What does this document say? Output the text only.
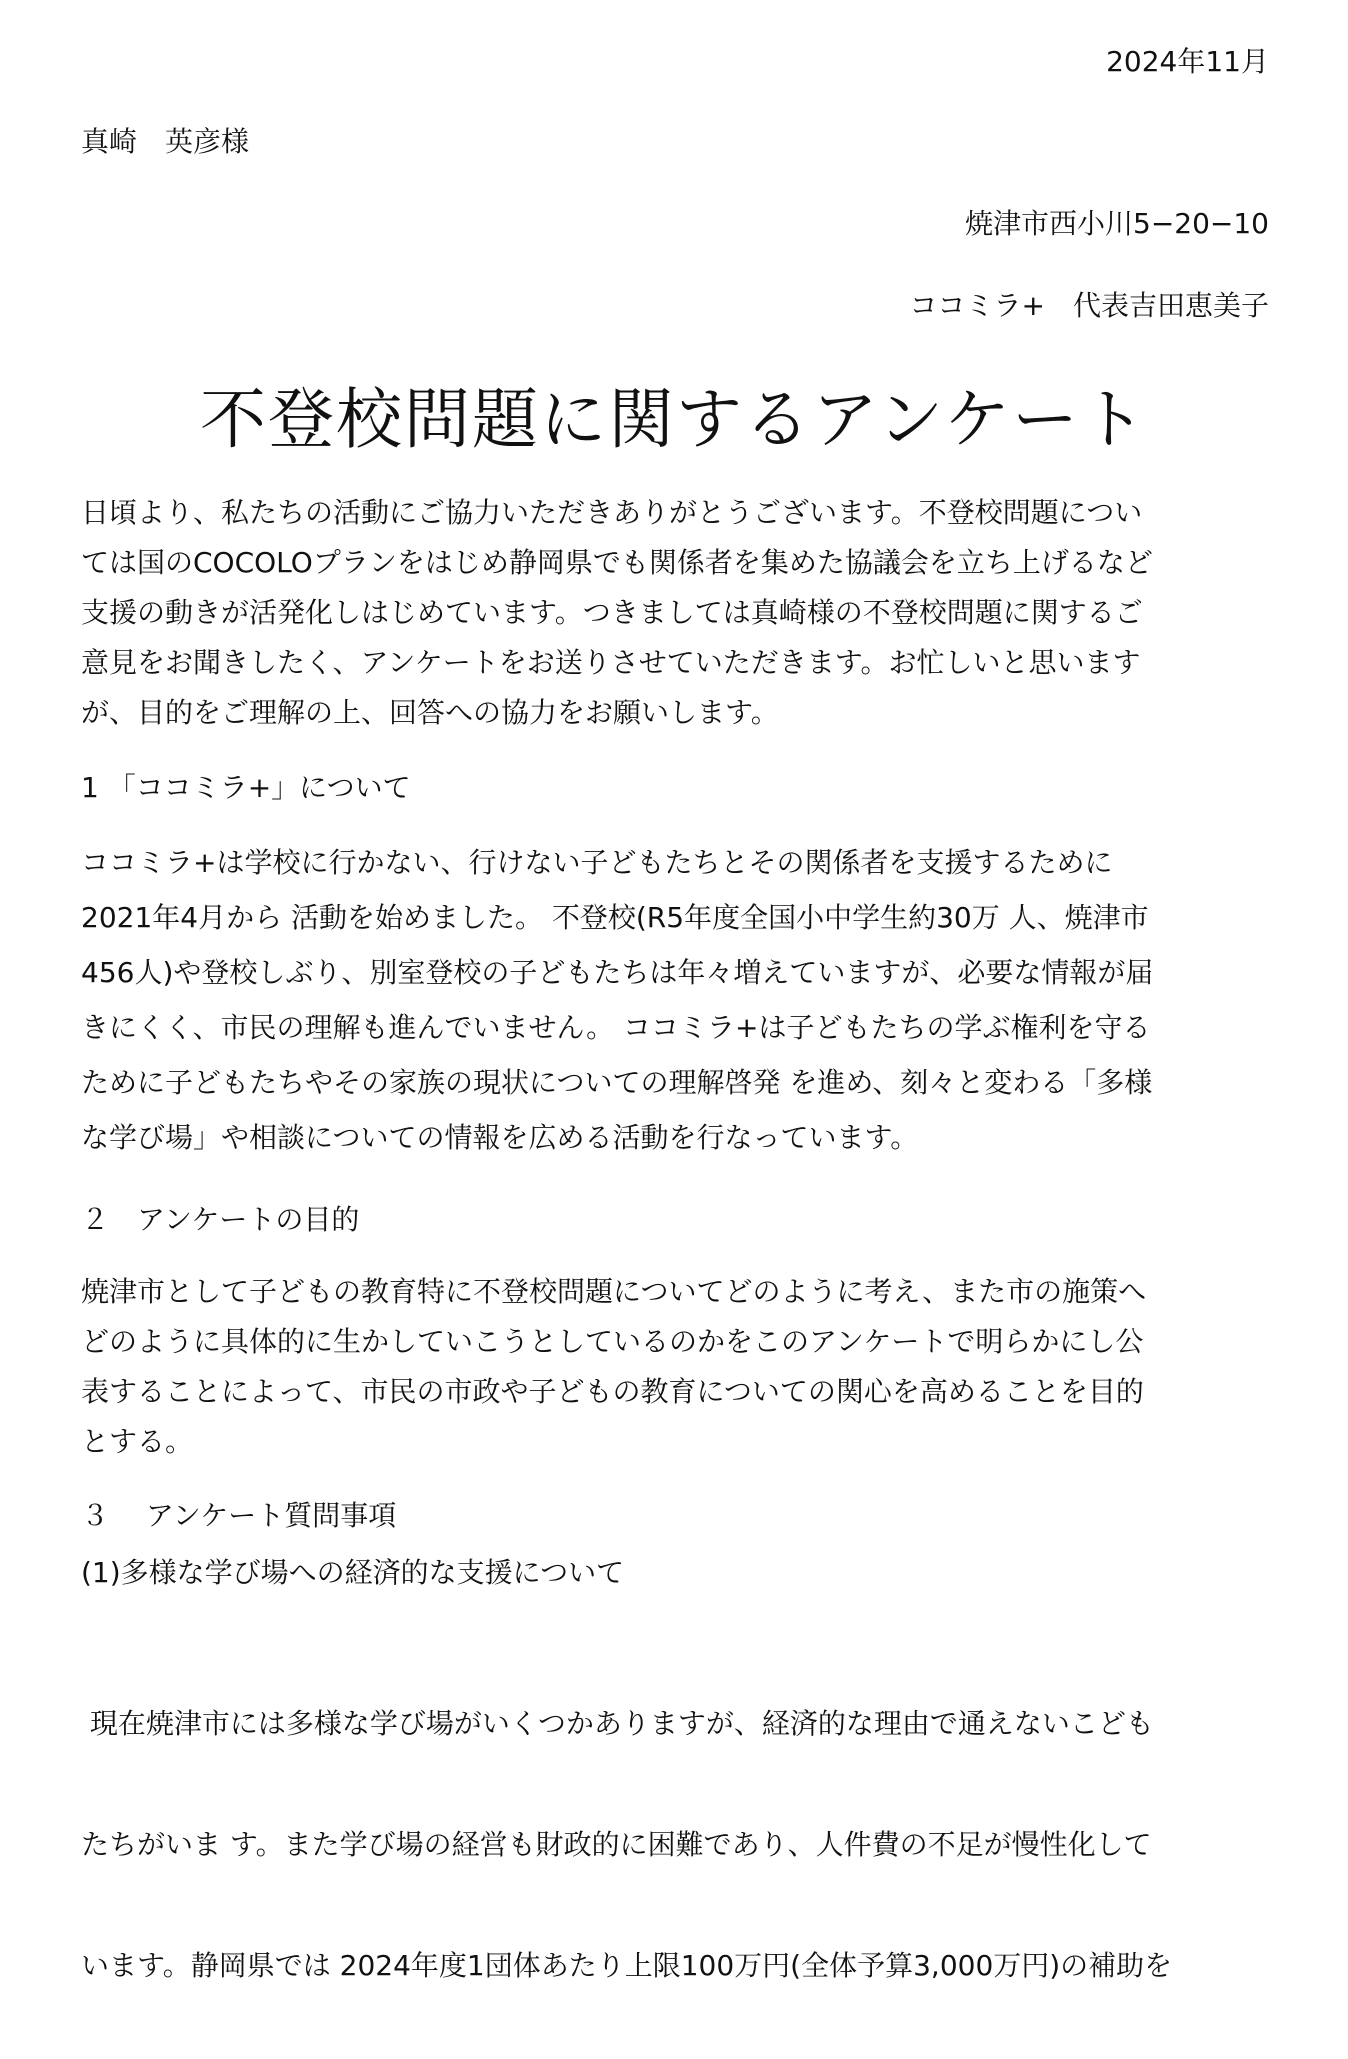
2024年11月

真崎　英彦様

焼津市西小川5−20−10

ココミラ+　代表吉田恵美子

不登校問題に関するアンケート
日頃より、私たちの活動にご協力いただきありがとうございます。不登校問題につい
ては国のCOCOLOプランをはじめ静岡県でも関係者を集めた協議会を立ち上げるなど
支援の動きが活発化しはじめています。つきましては真崎様の不登校問題に関するご
意見をお聞きしたく、アンケートをお送りさせていただきます。お忙しいと思います
が、目的をご理解の上、回答への協力をお願いします。

1 「ココミラ+」について

ココミラ+は学校に行かない、行けない子どもたちとその関係者を支援するために
2021年4月から 活動を始めました。 不登校(R5年度全国小中学生約30万 人、焼津市
456人)や登校しぶり、別室登校の子どもたちは年々増えていますが、必要な情報が届
きにくく、市民の理解も進んでいません。 ココミラ+は子どもたちの学ぶ権利を守る
ために子どもたちやその家族の現状についての理解啓発 を進め、刻々と変わる「多様
な学び場」や相談についての情報を広める活動を行なっています。

２　アンケートの目的

焼津市として子どもの教育特に不登校問題についてどのように考え、また市の施策へ
どのように具体的に生かしていこうとしているのかをこのアンケートで明らかにし公
表することによって、市民の市政や子どもの教育についての関心を高めることを目的
とする。

３　 アンケート質問事項

(1)多様な学び場への経済的な支援について

現在焼津市には多様な学び場がいくつかありますが、経済的な理由で通えないこども

たちがいま す。また学び場の経営も財政的に困難であり、人件費の不足が慢性化して

います。静岡県では 2024年度1団体あたり上限100万円(全体予算3,000万円)の補助を
